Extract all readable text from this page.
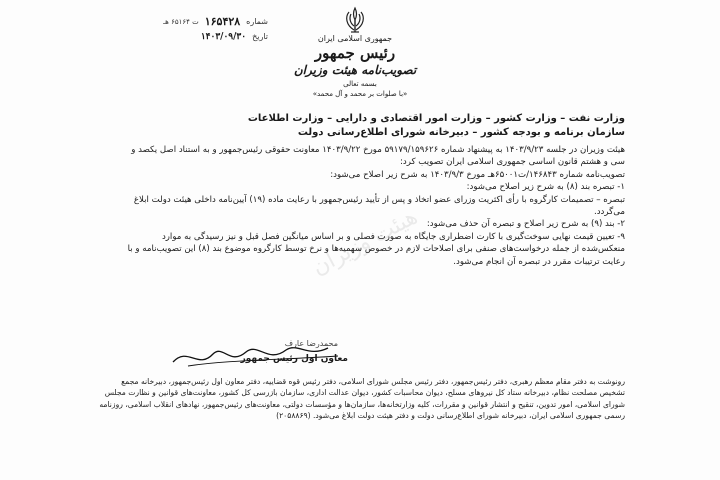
جمهوری اسلامی ایران
رئیس جمهور
تصویب‌نامه هیئت وزیران
شماره
۱۶۵۴۲۸
ت ۶۵۱۶۴ هـ
تاریخ
۱۴۰۳/۰۹/۳۰
بسمه تعالی
«با صلوات بر محمد و آل محمد»
وزارت نفت – وزارت کشور – وزارت امور اقتصادی و دارایی – وزارت اطلاعات
سازمان برنامه و بودجه کشور – دبیرخانه شورای اطلاع‌رسانی دولت
هیئت وزیران

هیئت وزیران در جلسه ۱۴۰۳/۹/۲۳ به پیشنهاد شماره ۵۹۱۷۹/۱۵۹۶۲۶ مورخ ۱۴۰۳/۹/۲۲ معاونت حقوقی رئیس‌جمهور و به استناد اصل یکصد و سی و هشتم قانون اساسی جمهوری اسلامی ایران تصویب کرد:

تصویب‌نامه شماره ۱۴۶۸۴۳/ت۶۵۰۰۱هـ مورخ ۱۴۰۳/۹/۳ به شرح زیر اصلاح می‌شود:

۱- تبصره بند (۸) به شرح زیر اصلاح می‌شود:

تبصره – تصمیمات کارگروه با رأی اکثریت وزرای عضو اتخاذ و پس از تأیید رئیس‌جمهور با رعایت ماده (۱۹) آیین‌نامه داخلی هیئت دولت ابلاغ می‌گردد.

۲- بند (۹) به شرح زیر اصلاح و تبصره آن حذف می‌شود:

۹- تعیین قیمت نهایی سوخت‌گیری با کارت اضطراری جایگاه به صورت فصلی و بر اساس میانگین فصل قبل و نیز رسیدگی به موارد منعکس‌شده از جمله درخواست‌های صنفی برای اصلاحات لازم در خصوص سهمیه‌ها و نرخ توسط کارگروه موضوع بند (۸) این تصویب‌نامه و با رعایت ترتیبات مقرر در تبصره آن انجام می‌شود.

محمدرضا عارف
معاون اول رئیس جمهور
رونوشت به دفتر مقام معظم رهبری، دفتر رئیس‌جمهور، دفتر رئیس مجلس شورای اسلامی، دفتر رئیس قوه قضاییه، دفتر معاون اول رئیس‌جمهور، دبیرخانه مجمع تشخیص مصلحت نظام، دبیرخانه ستاد کل نیروهای مسلح، دیوان محاسبات کشور، دیوان عدالت اداری، سازمان بازرسی کل کشور، معاونت‌های قوانین و نظارت مجلس شورای اسلامی، امور تدوین، تنقیح و انتشار قوانین و مقررات، کلیه وزارتخانه‌ها، سازمان‌ها و مؤسسات دولتی، معاونت‌های رئیس‌جمهور، نهادهای انقلاب اسلامی، روزنامه رسمی جمهوری اسلامی ایران، دبیرخانه شورای اطلاع‌رسانی دولت و دفتر هیئت دولت ابلاغ می‌شود. (۲۰۵۸۸۶۹)
